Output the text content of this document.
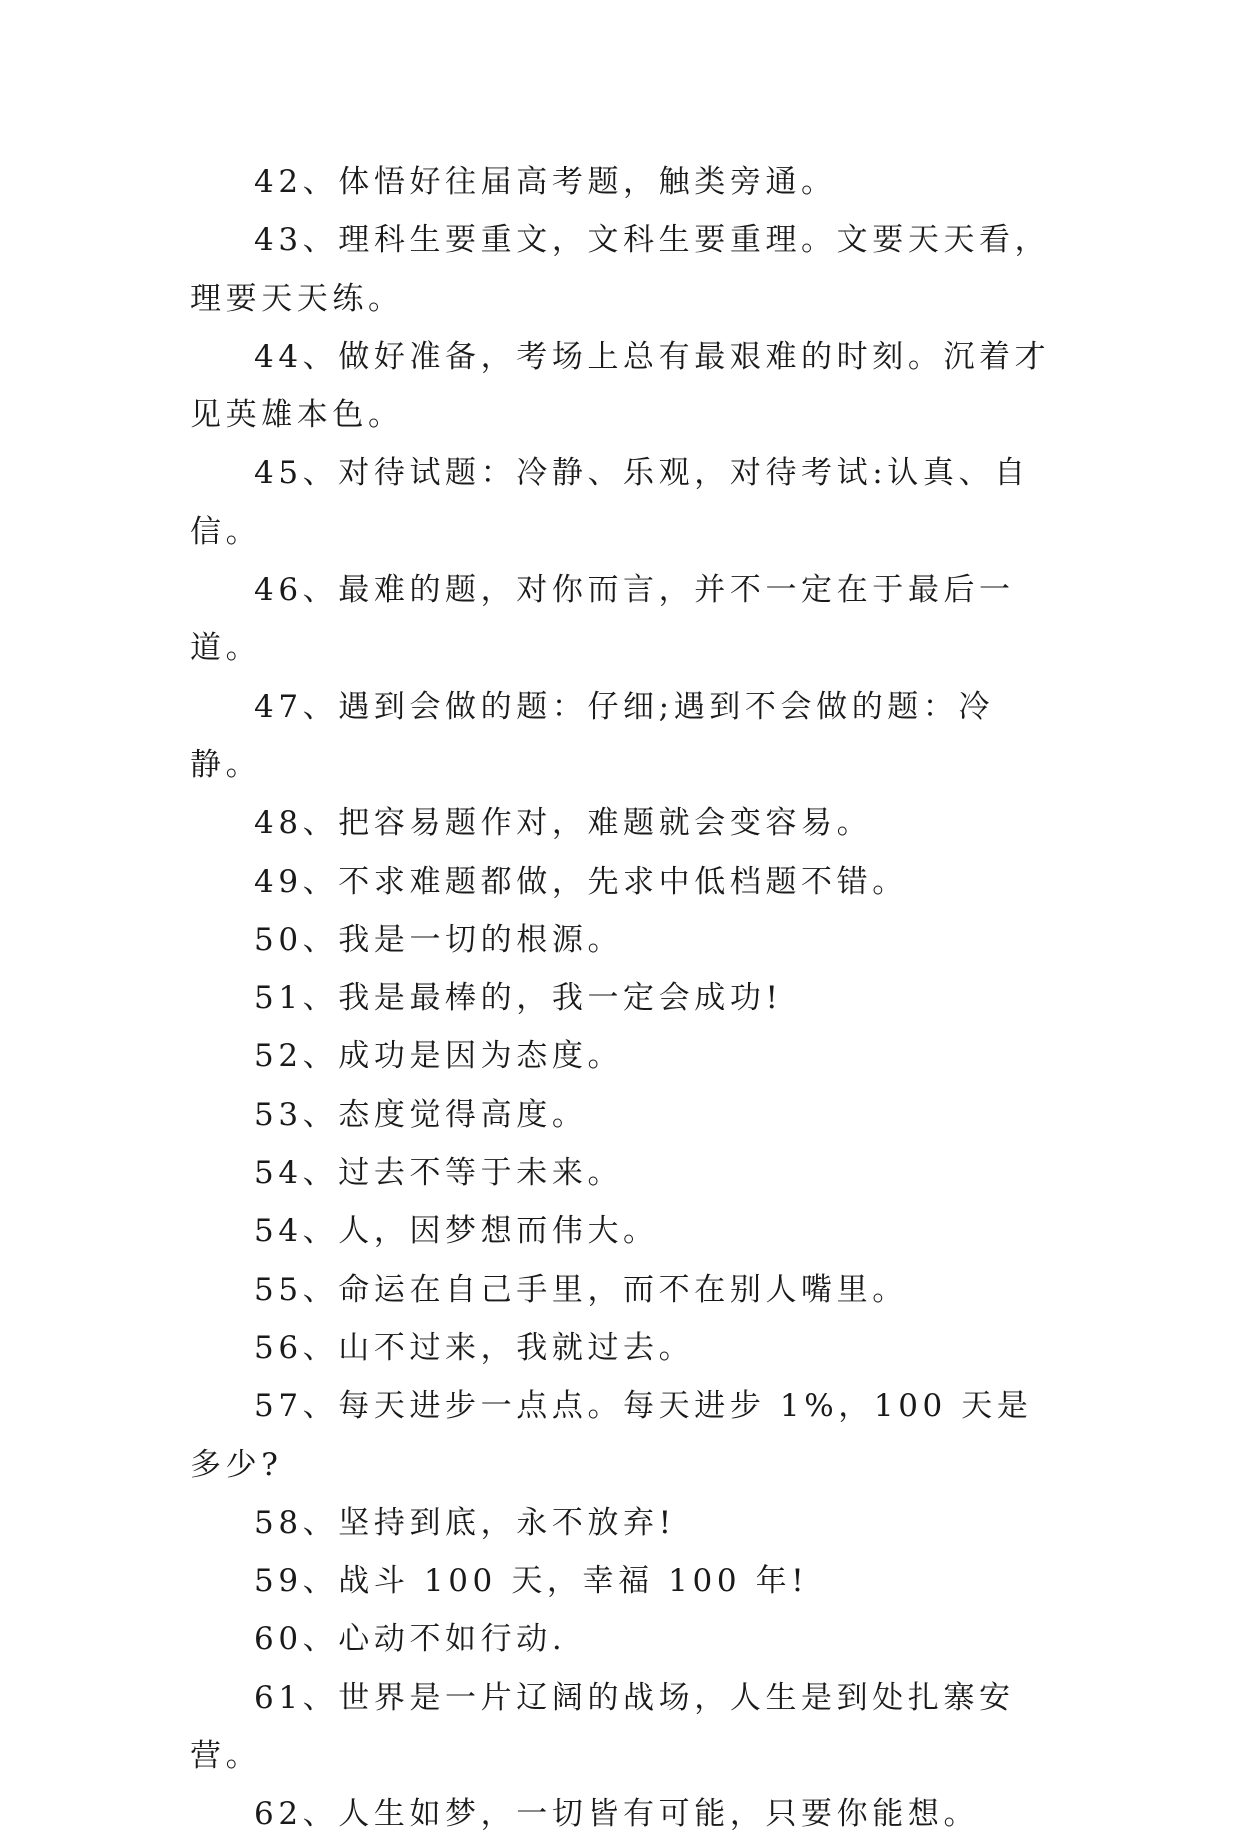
42、体悟好往届高考题，触类旁通。

43、理科生要重文，文科生要重理。文要天天看，理要天天练。

44、做好准备，考场上总有最艰难的时刻。沉着才见英雄本色。

45、对待试题：冷静、乐观，对待考试:认真、自信。

46、最难的题，对你而言，并不一定在于最后一道。

47、遇到会做的题：仔细;遇到不会做的题：冷静。

48、把容易题作对，难题就会变容易。

49、不求难题都做，先求中低档题不错。

50、我是一切的根源。

51、我是最棒的，我一定会成功!

52、成功是因为态度。

53、态度觉得高度。

54、过去不等于未来。

54、人，因梦想而伟大。

55、命运在自己手里，而不在别人嘴里。

56、山不过来，我就过去。

57、每天进步一点点。每天进步 1%，100 天是多少?

58、坚持到底，永不放弃!

59、战斗 100 天，幸福 100 年!

60、心动不如行动.

61、世界是一片辽阔的战场，人生是到处扎寨安营。

62、人生如梦，一切皆有可能，只要你能想。
